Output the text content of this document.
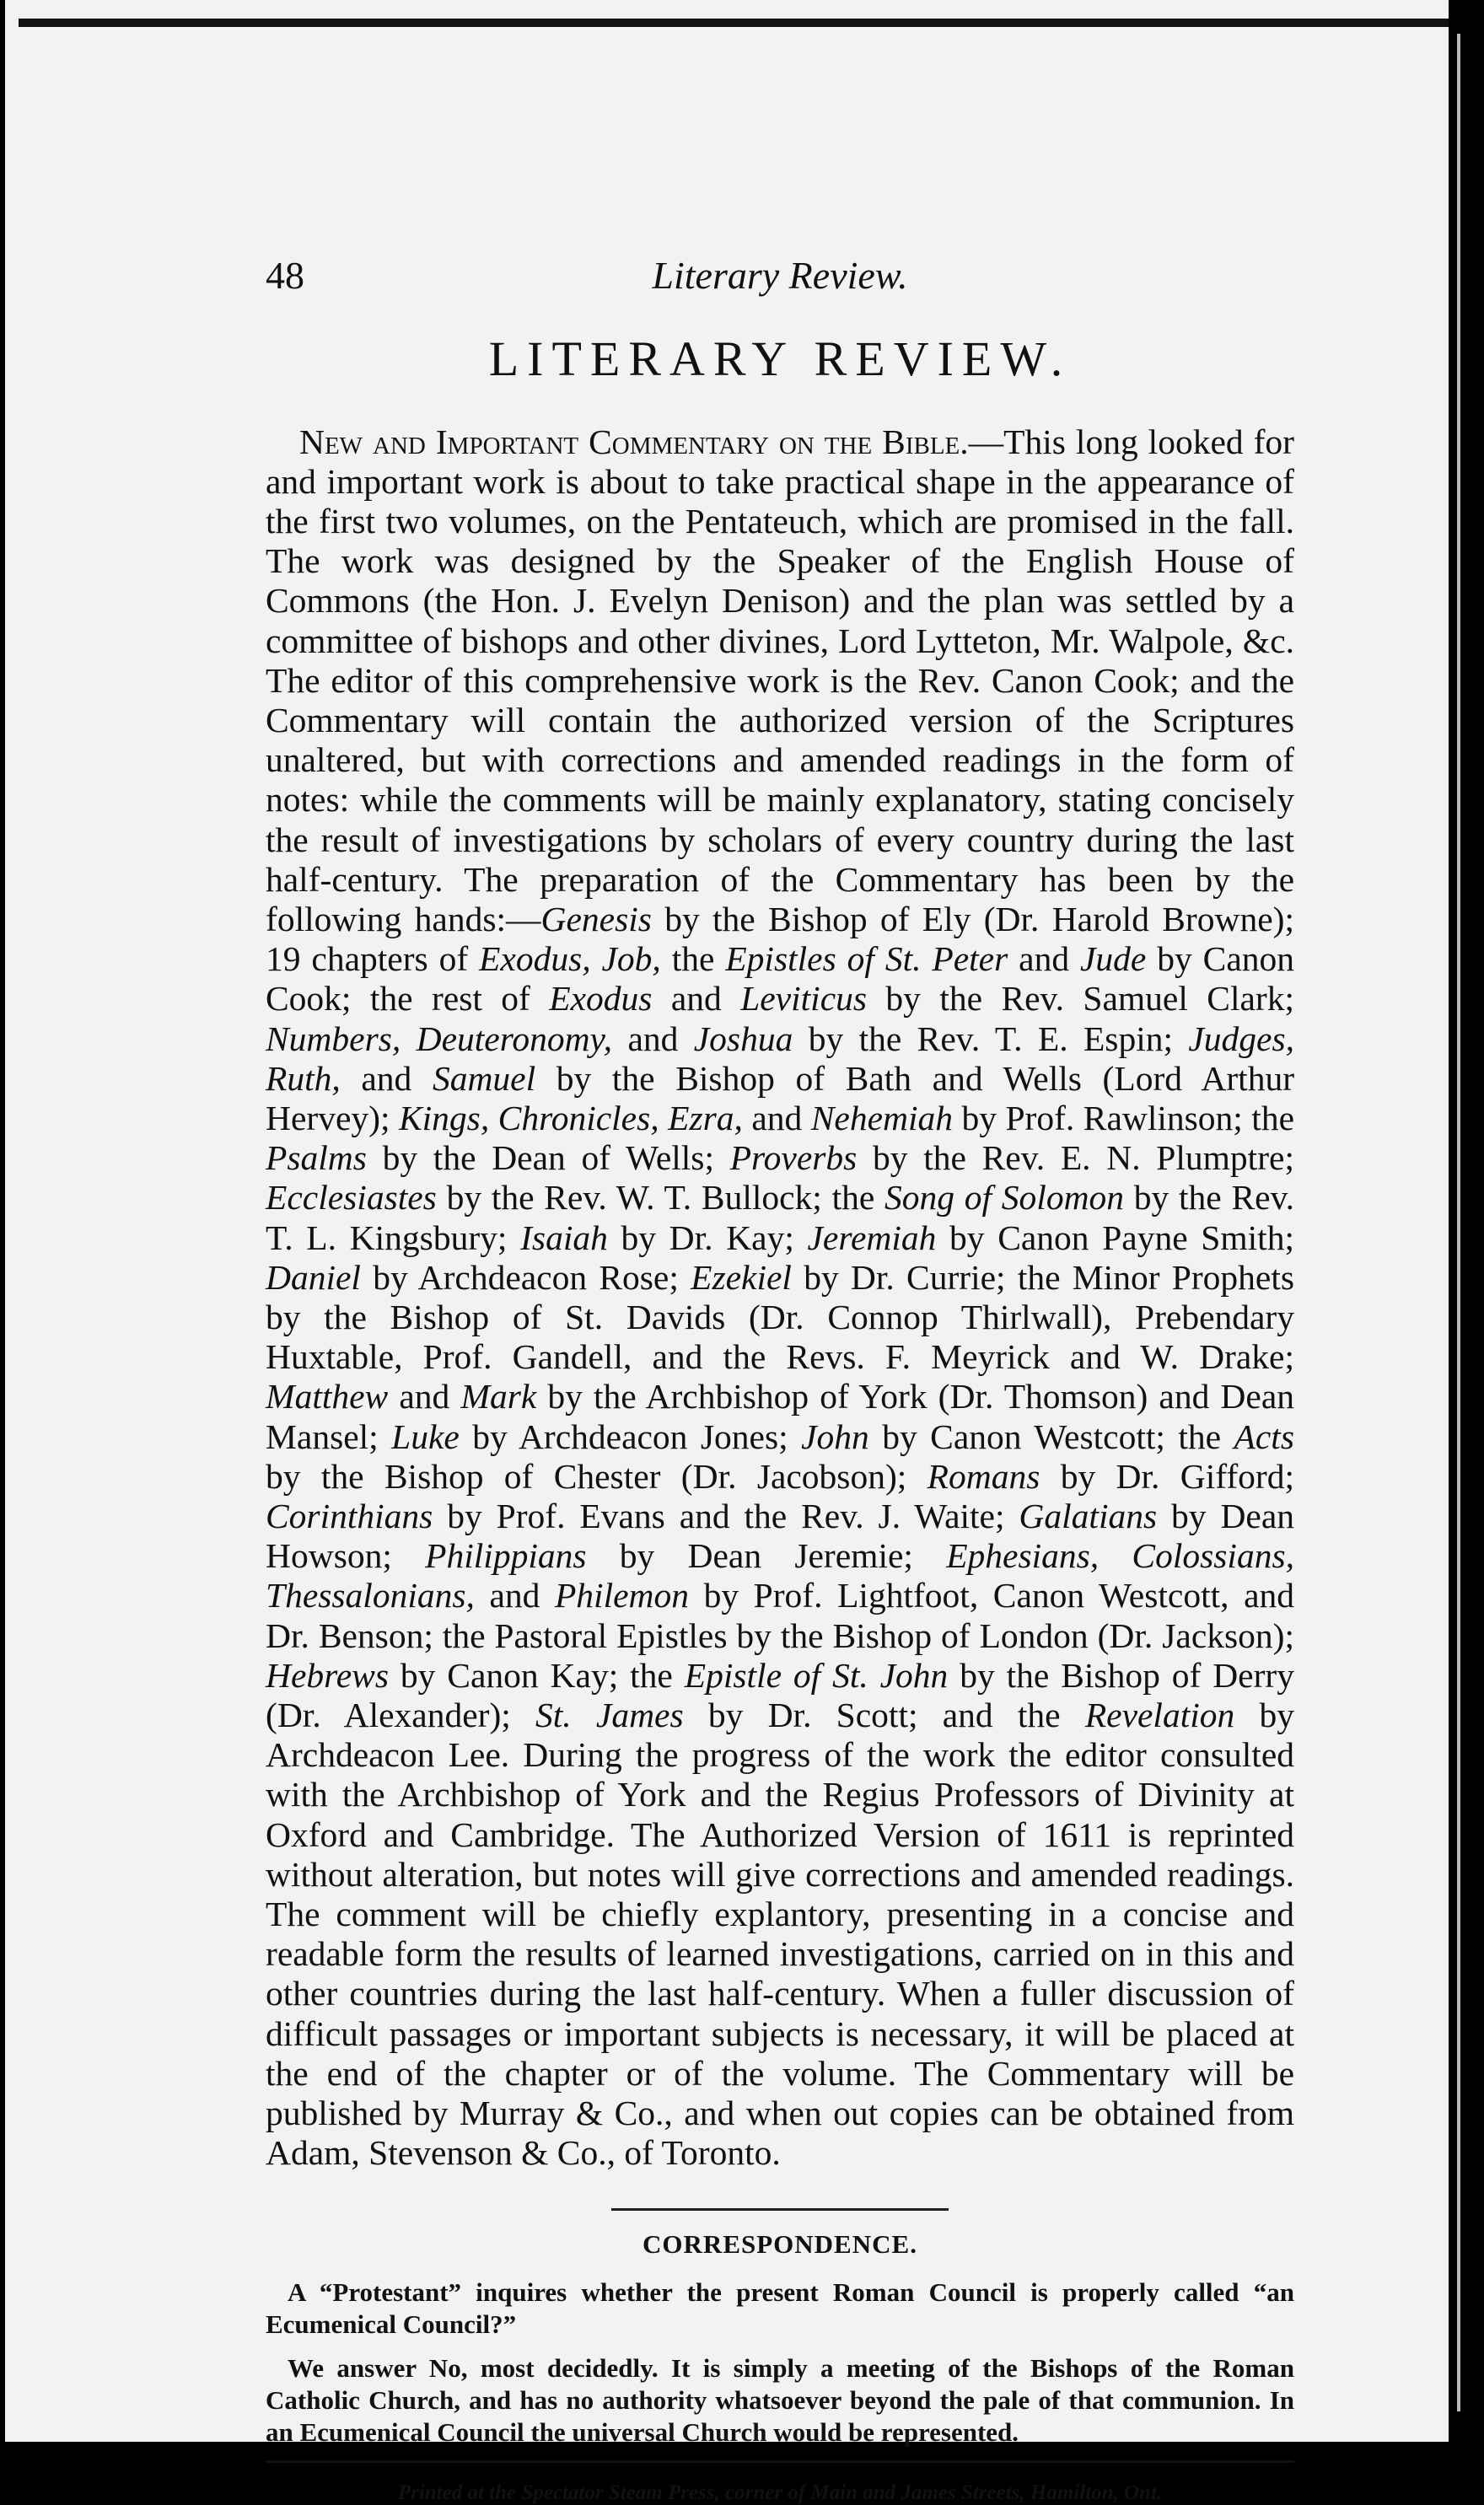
48	Literary Review.
LITERARY REVIEW.

New and Important Commentary on the Bible.—This long looked for and important work is about to take practical shape in the appearance of the first two volumes, on the Pentateuch, which are promised in the fall. The work was designed by the Speaker of the English House of Commons (the Hon. J. Evelyn Denison) and the plan was settled by a committee of bishops and other divines, Lord Lytteton, Mr. Walpole, &c. The editor of this comprehensive work is the Rev. Canon Cook; and the Commentary will contain the authorized version of the Scriptures unaltered, but with corrections and amended readings in the form of notes: while the comments will be mainly explanatory, stating concisely the result of investigations by scholars of every country during the last half-century. The preparation of the Commentary has been by the following hands:—Genesis by the Bishop of Ely (Dr. Harold Browne); 19 chapters of Exodus, Job, the Epistles of St. Peter and Jude by Canon Cook; the rest of Exodus and Leviticus by the Rev. Samuel Clark; Numbers, Deuteronomy, and Joshua by the Rev. T. E. Espin; Judges, Ruth, and Samuel by the Bishop of Bath and Wells (Lord Arthur Hervey); Kings, Chronicles, Ezra, and Nehemiah by Prof. Rawlinson; the Psalms by the Dean of Wells; Proverbs by the Rev. E. N. Plumptre; Ecclesiastes by the Rev. W. T. Bullock; the Song of Solomon by the Rev. T. L. Kingsbury; Isaiah by Dr. Kay; Jeremiah by Canon Payne Smith; Daniel by Archdeacon Rose; Ezekiel by Dr. Currie; the Minor Prophets by the Bishop of St. Davids (Dr. Connop Thirlwall), Prebendary Huxtable, Prof. Gandell, and the Revs. F. Meyrick and W. Drake; Matthew and Mark by the Archbishop of York (Dr. Thomson) and Dean Mansel; Luke by Archdeacon Jones; John by Canon Westcott; the Acts by the Bishop of Chester (Dr. Jacobson); Romans by Dr. Gifford; Corinthians by Prof. Evans and the Rev. J. Waite; Galatians by Dean Howson; Philippians by Dean Jeremie; Ephesians, Colossians, Thessalonians, and Philemon by Prof. Lightfoot, Canon Westcott, and Dr. Benson; the Pastoral Epistles by the Bishop of London (Dr. Jackson); Hebrews by Canon Kay; the Epistle of St. John by the Bishop of Derry (Dr. Alexander); St. James by Dr. Scott; and the Revelation by Archdeacon Lee. During the progress of the work the editor consulted with the Archbishop of York and the Regius Professors of Divinity at Oxford and Cambridge. The Authorized Version of 1611 is reprinted without alteration, but notes will give corrections and amended readings. The comment will be chiefly explantory, presenting in a concise and readable form the results of learned investigations, carried on in this and other countries during the last half-century. When a fuller discussion of difficult passages or important subjects is necessary, it will be placed at the end of the chapter or of the volume. The Commentary will be published by Murray & Co., and when out copies can be obtained from Adam, Stevenson & Co., of Toronto.

CORRESPONDENCE.

A “Protestant” inquires whether the present Roman Council is properly called “an Ecumenical Council?”

We answer No, most decidedly. It is simply a meeting of the Bishops of the Roman Catholic Church, and has no authority whatsoever beyond the pale of that communion. In an Ecumenical Council the universal Church would be represented.

Printed at the Spectator Steam Press, corner of Main and James Streets, Hamilton, Ont.
